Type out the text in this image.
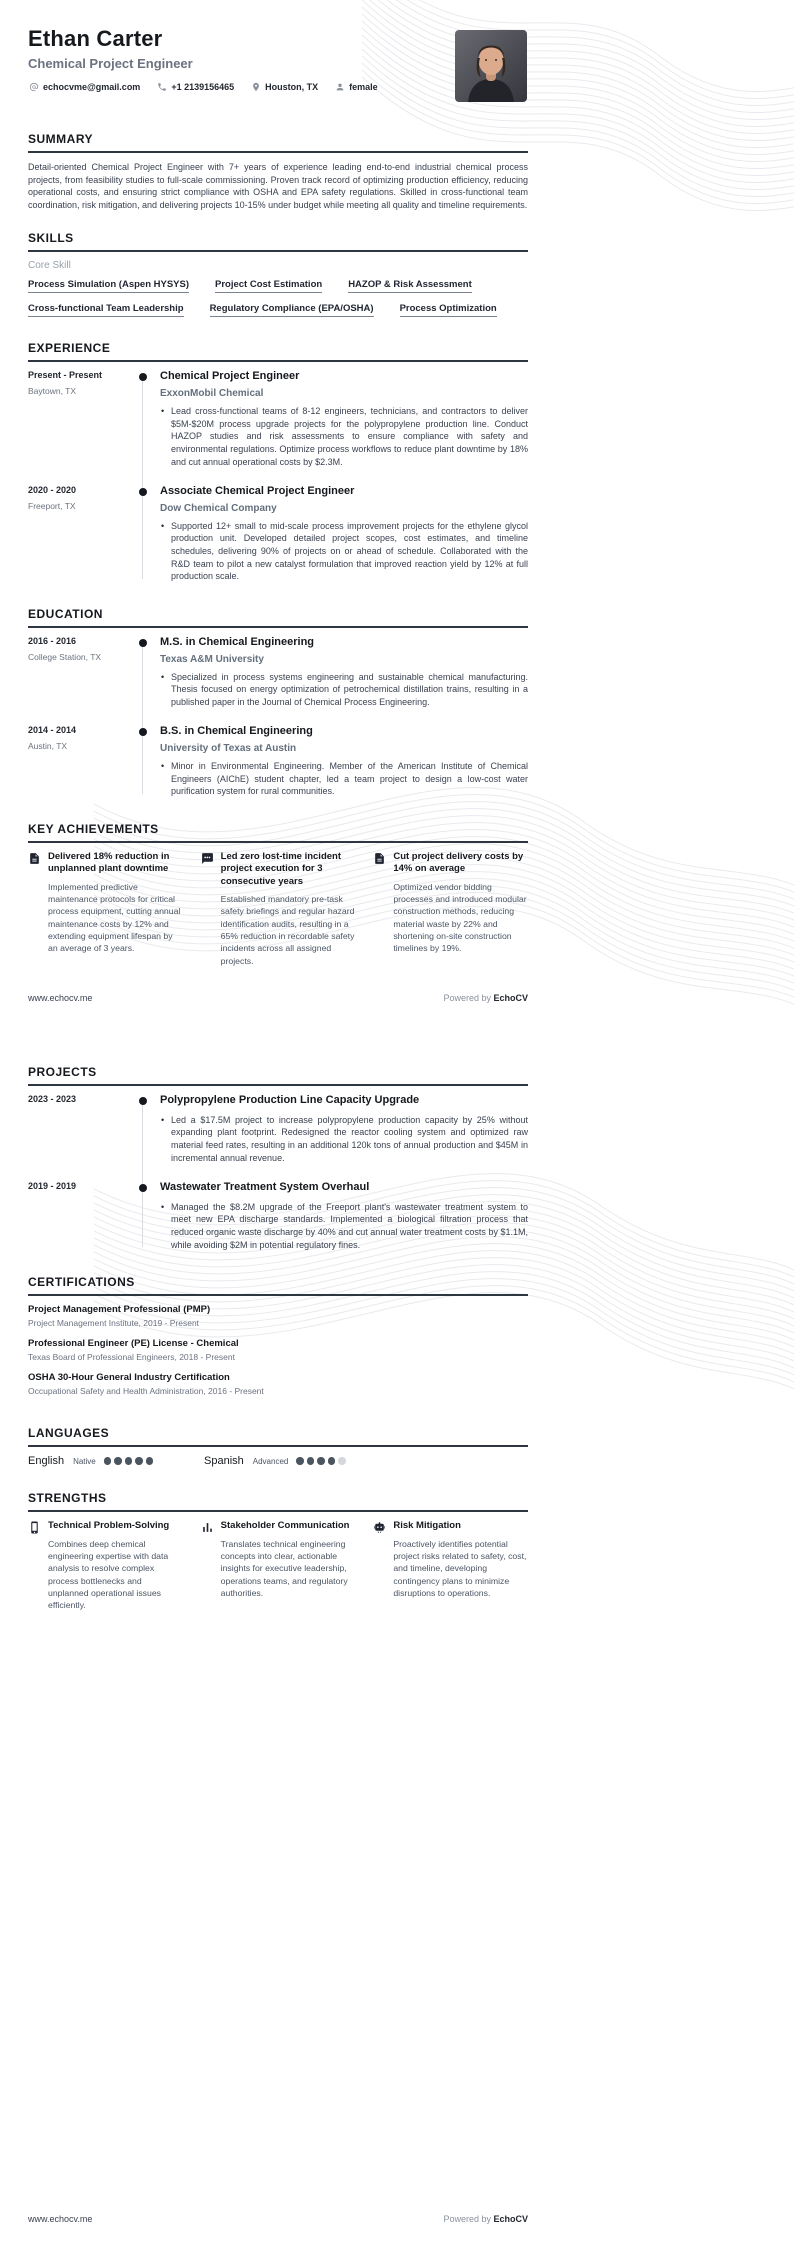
Ethan Carter
Chemical Project Engineer
echocvme@gmail.com	+1 2139156465	Houston, TX	female
SUMMARY

Detail-oriented Chemical Project Engineer with 7+ years of experience leading end-to-end industrial chemical process projects, from feasibility studies to full-scale commissioning. Proven track record of optimizing production efficiency, reducing operational costs, and ensuring strict compliance with OSHA and EPA safety regulations. Skilled in cross-functional team coordination, risk mitigation, and delivering projects 10-15% under budget while meeting all quality and timeline requirements.

SKILLS
Core Skill
Process Simulation (Aspen HYSYS)	Project Cost Estimation	HAZOP & Risk Assessment
Cross-functional Team Leadership	Regulatory Compliance (EPA/OSHA)	Process Optimization
EXPERIENCE
Present - Present
Baytown, TX
Chemical Project Engineer
ExxonMobil Chemical
• Lead cross-functional teams of 8-12 engineers, technicians, and contractors to deliver $5M-$20M process upgrade projects for the polypropylene production line. Conduct HAZOP studies and risk assessments to ensure compliance with safety and environmental regulations. Optimize process workflows to reduce plant downtime by 18% and cut annual operational costs by $2.3M.
2020 - 2020
Freeport, TX
Associate Chemical Project Engineer
Dow Chemical Company
• Supported 12+ small to mid-scale process improvement projects for the ethylene glycol production unit. Developed detailed project scopes, cost estimates, and timeline schedules, delivering 90% of projects on or ahead of schedule. Collaborated with the R&D team to pilot a new catalyst formulation that improved reaction yield by 12% at full production scale.
EDUCATION
2016 - 2016
College Station, TX
M.S. in Chemical Engineering
Texas A&M University
• Specialized in process systems engineering and sustainable chemical manufacturing. Thesis focused on energy optimization of petrochemical distillation trains, resulting in a published paper in the Journal of Chemical Process Engineering.
2014 - 2014
Austin, TX
B.S. in Chemical Engineering
University of Texas at Austin
• Minor in Environmental Engineering. Member of the American Institute of Chemical Engineers (AIChE) student chapter, led a team project to design a low-cost water purification system for rural communities.
KEY ACHIEVEMENTS
Delivered 18% reduction in unplanned plant downtime

Implemented predictive maintenance protocols for critical process equipment, cutting annual maintenance costs by 12% and extending equipment lifespan by an average of 3 years.

Led zero lost-time incident project execution for 3 consecutive years

Established mandatory pre-task safety briefings and regular hazard identification audits, resulting in a 65% reduction in recordable safety incidents across all assigned projects.

Cut project delivery costs by 14% on average

Optimized vendor bidding processes and introduced modular construction methods, reducing material waste by 22% and shortening on-site construction timelines by 19%.

www.echocv.me	Powered by EchoCV
PROJECTS
2023 - 2023	Polypropylene Production Line Capacity Upgrade
• Led a $17.5M project to increase polypropylene production capacity by 25% without expanding plant footprint. Redesigned the reactor cooling system and optimized raw material feed rates, resulting in an additional 120k tons of annual production and $45M in incremental annual revenue.
2019 - 2019	Wastewater Treatment System Overhaul
• Managed the $8.2M upgrade of the Freeport plant's wastewater treatment system to meet new EPA discharge standards. Implemented a biological filtration process that reduced organic waste discharge by 40% and cut annual water treatment costs by $1.1M, while avoiding $2M in potential regulatory fines.
CERTIFICATIONS
Project Management Professional (PMP)
Project Management Institute, 2019 - Present
Professional Engineer (PE) License - Chemical
Texas Board of Professional Engineers, 2018 - Present
OSHA 30-Hour General Industry Certification
Occupational Safety and Health Administration, 2016 - Present
LANGUAGES
English Native	Spanish Advanced
STRENGTHS
Technical Problem-Solving

Combines deep chemical engineering expertise with data analysis to resolve complex process bottlenecks and unplanned operational issues efficiently.

Stakeholder Communication

Translates technical engineering concepts into clear, actionable insights for executive leadership, operations teams, and regulatory authorities.

Risk Mitigation

Proactively identifies potential project risks related to safety, cost, and timeline, developing contingency plans to minimize disruptions to operations.

www.echocv.me	Powered by EchoCV
